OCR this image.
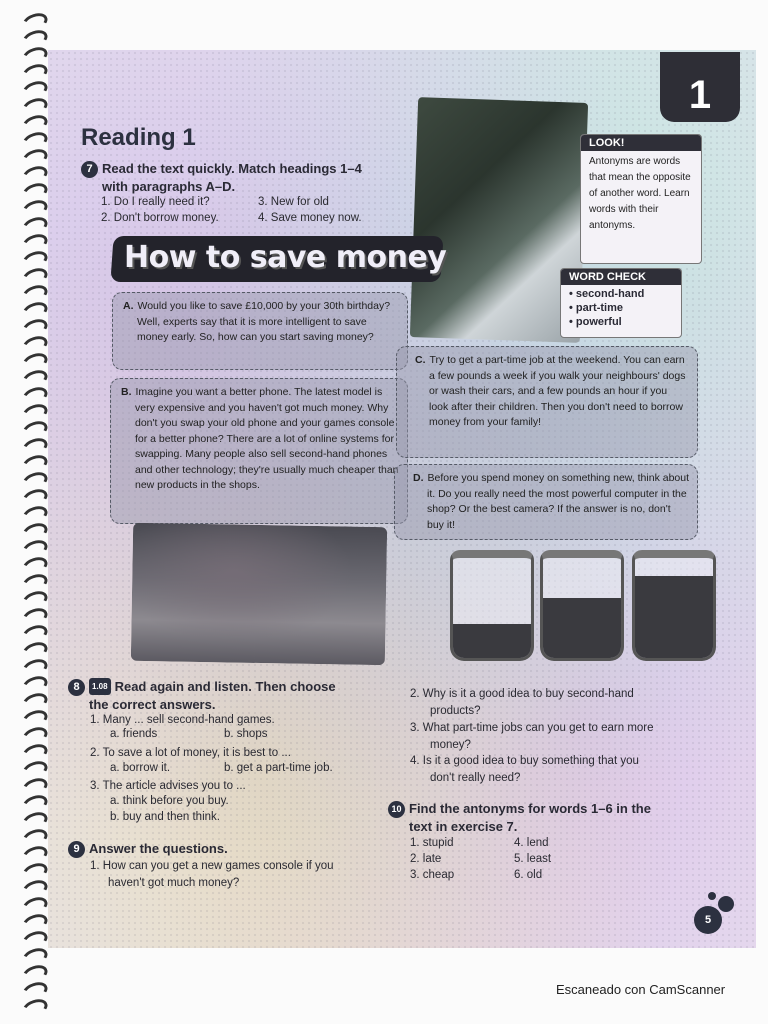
1
Reading 1
7 Read the text quickly. Match headings 1–4
with paragraphs A–D.
1. Do I really need it?
2. Don't borrow money.
3. New for old
4. Save money now.
How to save money
LOOK!
Antonyms are words that mean the opposite of another word. Learn words with their antonyms.
WORD CHECK
• second-hand
• part-time
• powerful
A. Would you like to save £10,000 by your 30th birthday? Well, experts say that it is more intelligent to save money early. So, how can you start saving money?
B. Imagine you want a better phone. The latest model is very expensive and you haven't got much money. Why don't you swap your old phone and your games console for a better phone? There are a lot of online systems for swapping. Many people also sell second-hand phones and other technology; they're usually much cheaper than new products in the shops.
C. Try to get a part-time job at the weekend. You can earn a few pounds a week if you walk your neighbours' dogs or wash their cars, and a few pounds an hour if you look after their children. Then you don't need to borrow money from your family!
D. Before you spend money on something new, think about it. Do you really need the most powerful computer in the shop? Or the best camera? If the answer is no, don't buy it!
8 1.08 Read again and listen. Then choose
the correct answers.
1. Many ... sell second-hand games.
a. friends	b. shops
2. To save a lot of money, it is best to ...
a. borrow it.	b. get a part-time job.
3. The article advises you to ...
a. think before you buy.
b. buy and then think.
9 Answer the questions.
1. How can you get a new games console if you
haven't got much money?
2. Why is it a good idea to buy second-hand
products?
3. What part-time jobs can you get to earn more
money?
4. Is it a good idea to buy something that you
don't really need?
10 Find the antonyms for words 1–6 in the
text in exercise 7.
1. stupid
2. late
3. cheap
4. lend
5. least
6. old
5
Escaneado con CamScanner
